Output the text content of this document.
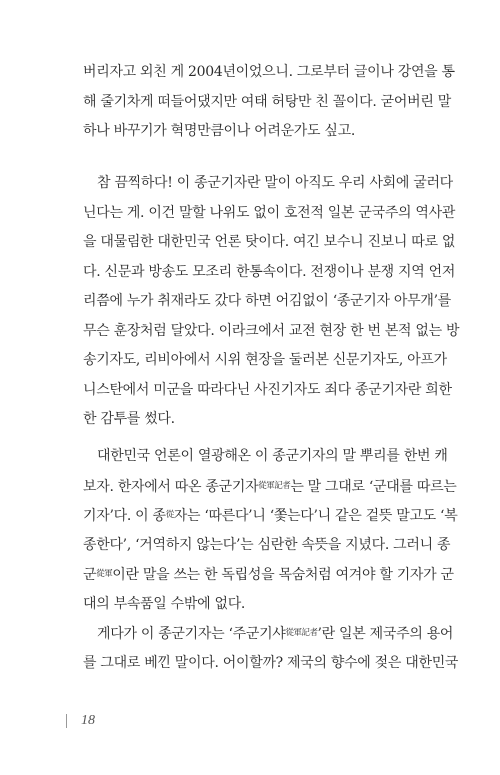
버리자고 외친 게 2004년이었으니. 그로부터 글이나 강연을 통
해 줄기차게 떠들어댔지만 여태 허탕만 친 꼴이다. 굳어버린 말
하나 바꾸기가 혁명만큼이나 어려운가도 싶고.
참 끔찍하다! 이 종군기자란 말이 아직도 우리 사회에 굴러다
닌다는 게. 이건 말할 나위도 없이 호전적 일본 군국주의 역사관
을 대물림한 대한민국 언론 탓이다. 여긴 보수니 진보니 따로 없
다. 신문과 방송도 모조리 한통속이다. 전쟁이나 분쟁 지역 언저
리쯤에 누가 취재라도 갔다 하면 어김없이 ‘종군기자 아무개’를
무슨 훈장처럼 달았다. 이라크에서 교전 현장 한 번 본적 없는 방
송기자도, 리비아에서 시위 현장을 둘러본 신문기자도, 아프가
니스탄에서 미군을 따라다닌 사진기자도 죄다 종군기자란 희한
한 감투를 썼다.
대한민국 언론이 열광해온 이 종군기자의 말 뿌리를 한번 캐
보자. 한자에서 따온 종군기자$^{從軍記者}$는 말 그대로 ‘군대를 따르는
기자’다. 이 종$^從$자는 ‘따른다’니 ‘쫓는다’니 같은 겉뜻 말고도 ‘복
종한다’, ‘거역하지 않는다’는 심란한 속뜻을 지녔다. 그러니 종
군$^{從軍}$이란 말을 쓰는 한 독립성을 목숨처럼 여겨야 할 기자가 군
대의 부속품일 수밖에 없다.
게다가 이 종군기자는 ‘주군기샤$^{從軍記者}$’란 일본 제국주의 용어
를 그대로 베낀 말이다. 어이할까? 제국의 향수에 젖은 대한민국
18
